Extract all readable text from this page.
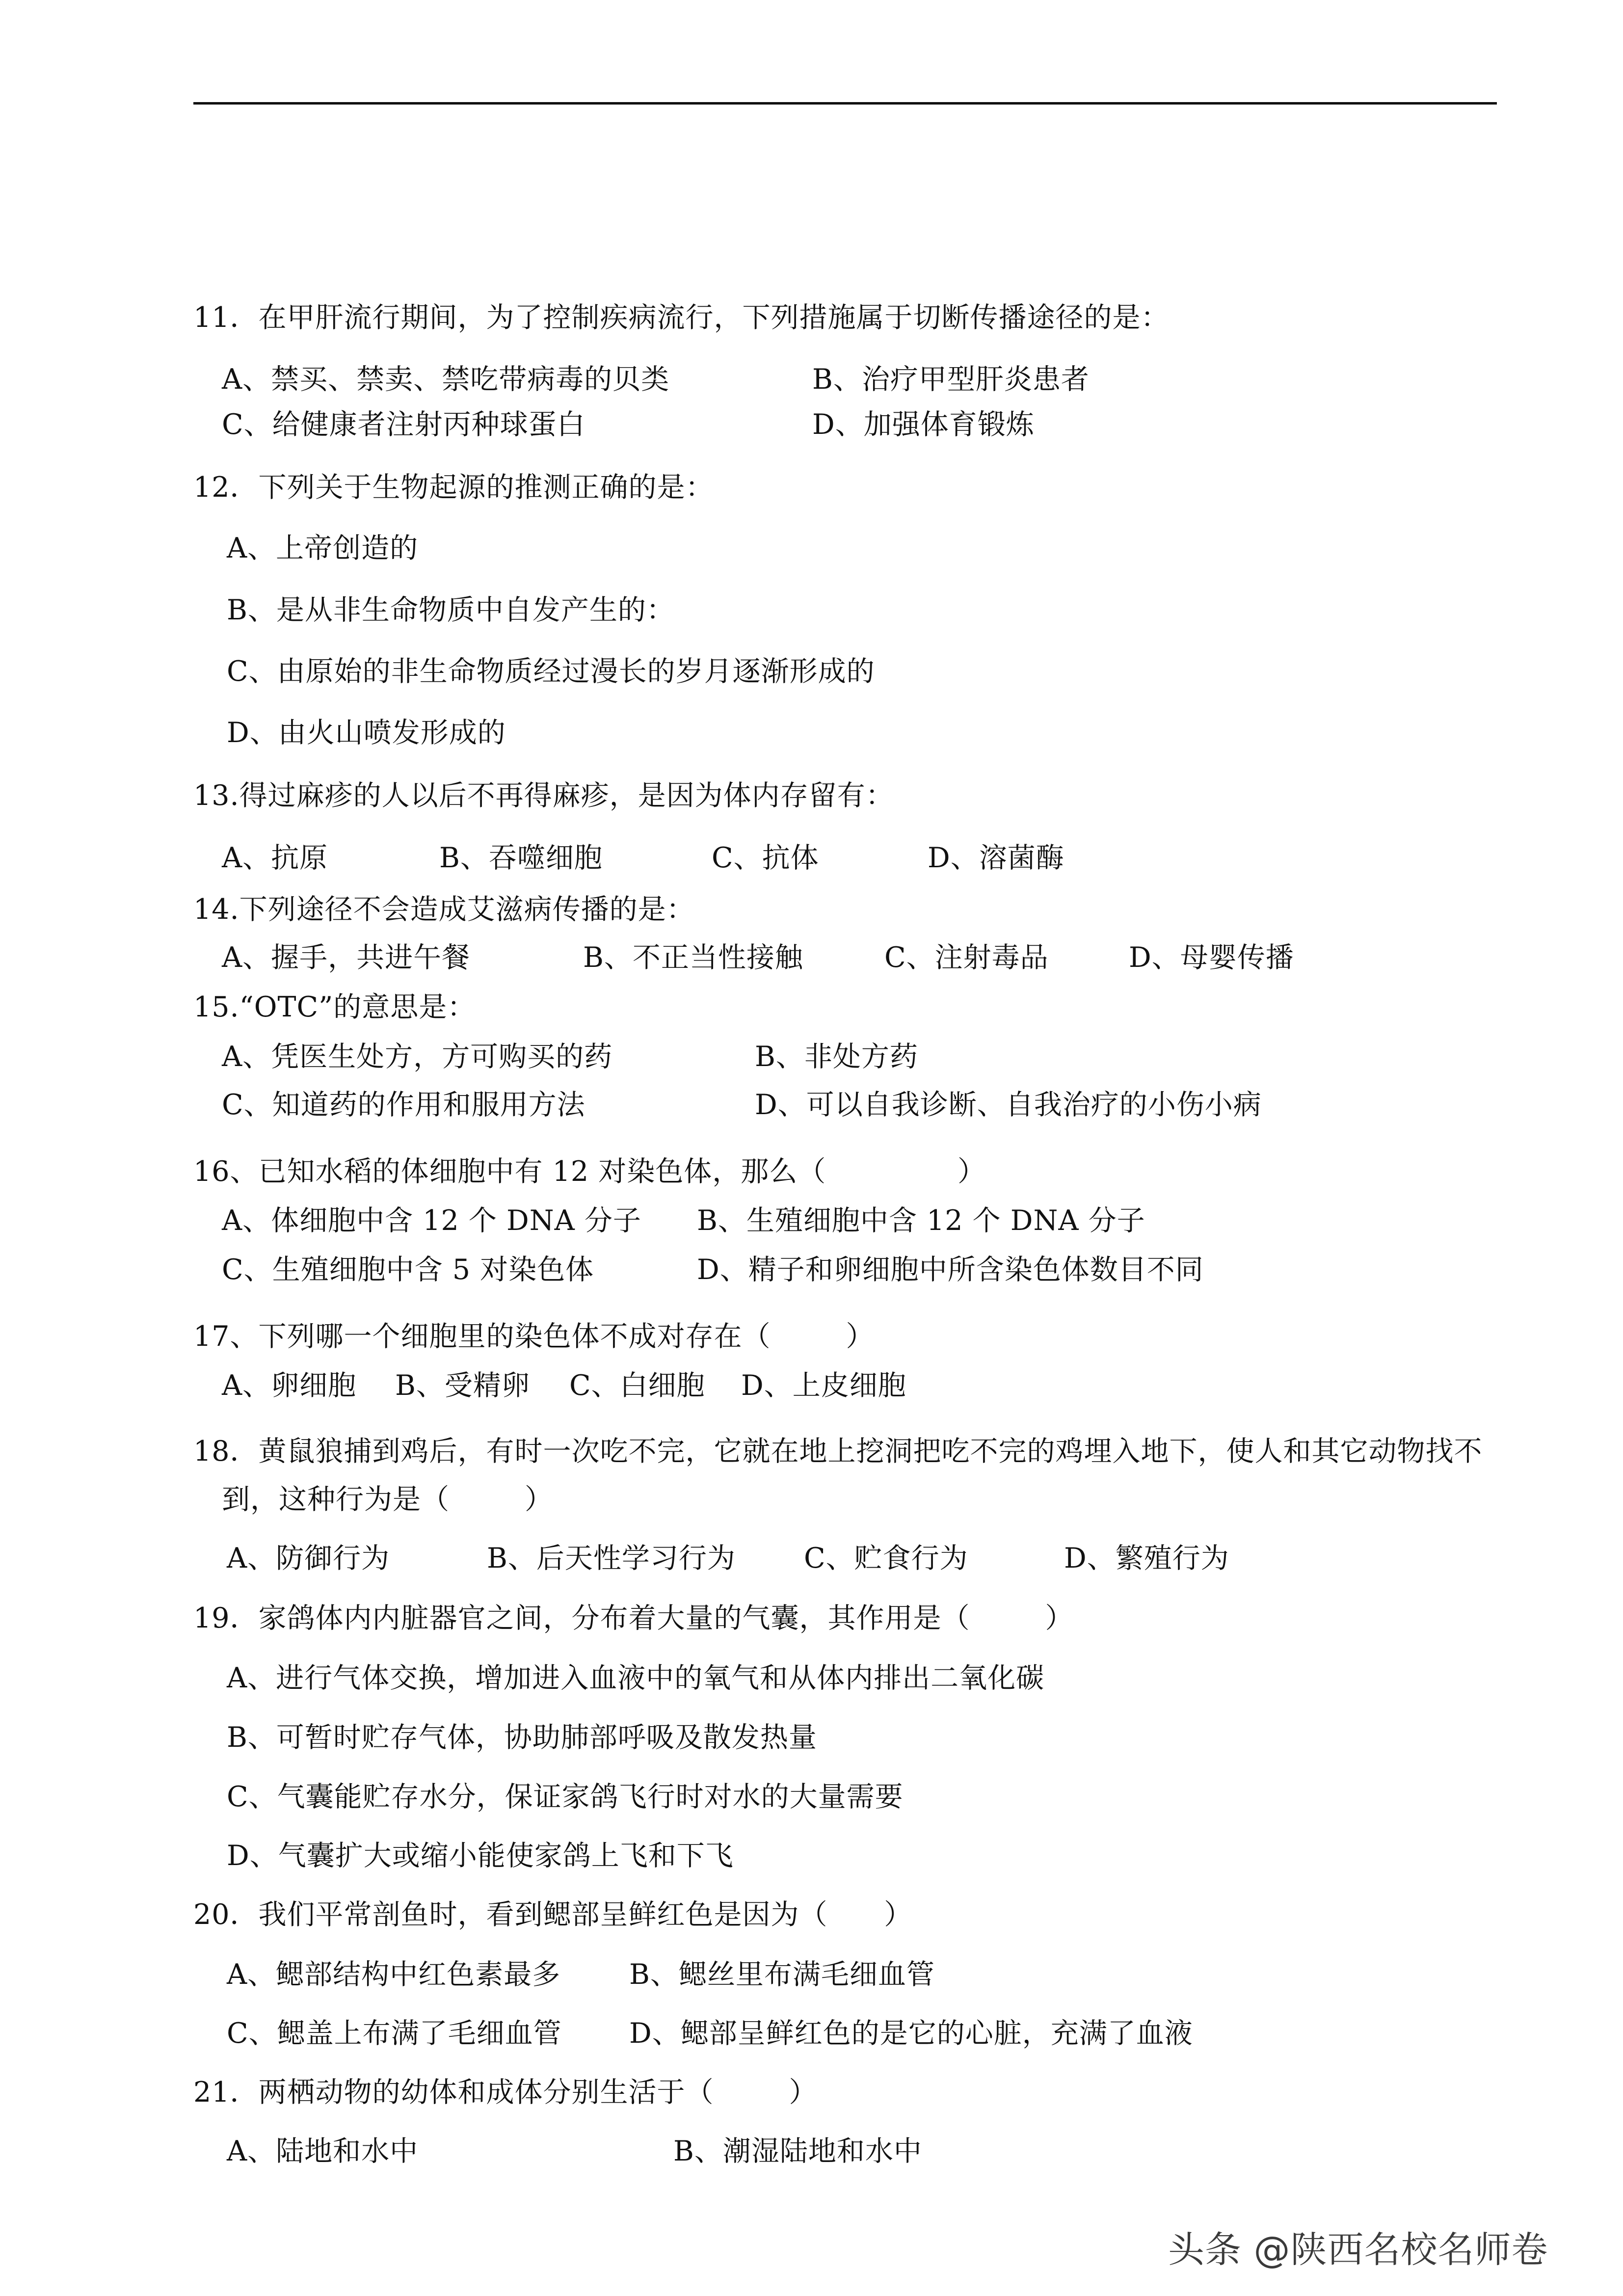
11．在甲肝流行期间，为了控制疾病流行，下列措施属于切断传播途径的是：
A、禁买、禁卖、禁吃带病毒的贝类	B、治疗甲型肝炎患者
C、给健康者注射丙种球蛋白	D、加强体育锻炼
12．下列关于生物起源的推测正确的是：
A、上帝创造的
B、是从非生命物质中自发产生的：
C、由原始的非生命物质经过漫长的岁月逐渐形成的
D、由火山喷发形成的
13.得过麻疹的人以后不再得麻疹，是因为体内存留有：
A、抗原	B、吞噬细胞	C、抗体	D、溶菌酶
14.下列途径不会造成艾滋病传播的是：
A、握手，共进午餐	B、不正当性接触	C、注射毒品	D、母婴传播
15.“OTC”的意思是：
A、凭医生处方，方可购买的药	B、非处方药
C、知道药的作用和服用方法	D、可以自我诊断、自我治疗的小伤小病
16、已知水稻的体细胞中有 12 对染色体，那么（              ）
A、体细胞中含 12 个 DNA 分子 B、生殖细胞中含 12 个 DNA 分子
C、生殖细胞中含 5 对染色体	D、精子和卵细胞中所含染色体数目不同
17、下列哪一个细胞里的染色体不成对存在（        ）
A、卵细胞 B、受精卵 C、白细胞 D、上皮细胞
18．黄鼠狼捕到鸡后，有时一次吃不完，它就在地上挖洞把吃不完的鸡埋入地下，使人和其它动物找不
到，这种行为是（        ）
A、防御行为	B、后天性学习行为 C、贮食行为	D、繁殖行为
19．家鸽体内内脏器官之间，分布着大量的气囊，其作用是（        ）
A、进行气体交换，增加进入血液中的氧气和从体内排出二氧化碳
B、可暂时贮存气体，协助肺部呼吸及散发热量
C、气囊能贮存水分，保证家鸽飞行时对水的大量需要
D、气囊扩大或缩小能使家鸽上飞和下飞
20．我们平常剖鱼时，看到鳃部呈鲜红色是因为（      ）
A、鳃部结构中红色素最多 B、鳃丝里布满毛细血管
C、鳃盖上布满了毛细血管 D、鳃部呈鲜红色的是它的心脏，充满了血液
21．两栖动物的幼体和成体分别生活于（        ）
A、陆地和水中	B、潮湿陆地和水中
头条 @陕西名校名师卷
